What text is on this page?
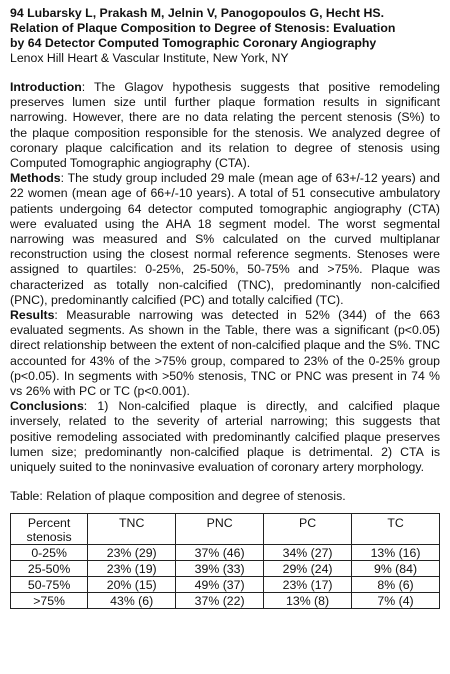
94 Lubarsky L, Prakash M, Jelnin V, Panogopoulos G, Hecht HS.

Relation of Plaque Composition to Degree of Stenosis: Evaluation

by 64 Detector Computed Tomographic Coronary Angiography

Lenox Hill Heart & Vascular Institute, New York, NY

Introduction: The Glagov hypothesis suggests that positive remodeling preserves lumen size until further plaque formation results in significant narrowing. However, there are no data relating the percent stenosis (S%) to the plaque composition responsible for the stenosis. We analyzed degree of coronary plaque calcification and its relation to degree of stenosis using Computed Tomographic angiography (CTA).

Methods: The study group included 29 male (mean age of 63+/-12 years) and 22 women (mean age of 66+/-10 years). A total of 51 consecutive ambulatory patients undergoing 64 detector computed tomographic angiography (CTA) were evaluated using the AHA 18 segment model. The worst segmental narrowing was measured and S% calculated on the curved multiplanar reconstruction using the closest normal reference segments. Stenoses were assigned to quartiles: 0-25%, 25-50%, 50-75% and >75%. Plaque was characterized as totally non-calcified (TNC), predominantly non-calcified (PNC), predominantly calcified (PC) and totally calcified (TC).

Results: Measurable narrowing was detected in 52% (344) of the 663 evaluated segments. As shown in the Table, there was a significant (p<0.05) direct relationship between the extent of non-calcified plaque and the S%. TNC accounted for 43% of the >75% group, compared to 23% of the 0-25% group (p<0.05). In segments with >50% stenosis, TNC or PNC was present in 74 % vs 26% with PC or TC (p<0.001).

Conclusions: 1) Non-calcified plaque is directly, and calcified plaque inversely, related to the severity of arterial narrowing; this suggests that positive remodeling associated with predominantly calcified plaque preserves lumen size; predominantly non-calcified plaque is detrimental. 2) CTA is uniquely suited to the noninvasive evaluation of coronary artery morphology.

Table: Relation of plaque composition and degree of stenosis.

Percent stenosis	TNC	PNC	PC	TC
0-25%	23% (29)	37% (46)	34% (27)	13% (16)
25-50%	23% (19)	39% (33)	29% (24)	9% (84)
50-75%	20% (15)	49% (37)	23% (17)	8% (6)
>75%	43% (6)	37% (22)	13% (8)	7% (4)
